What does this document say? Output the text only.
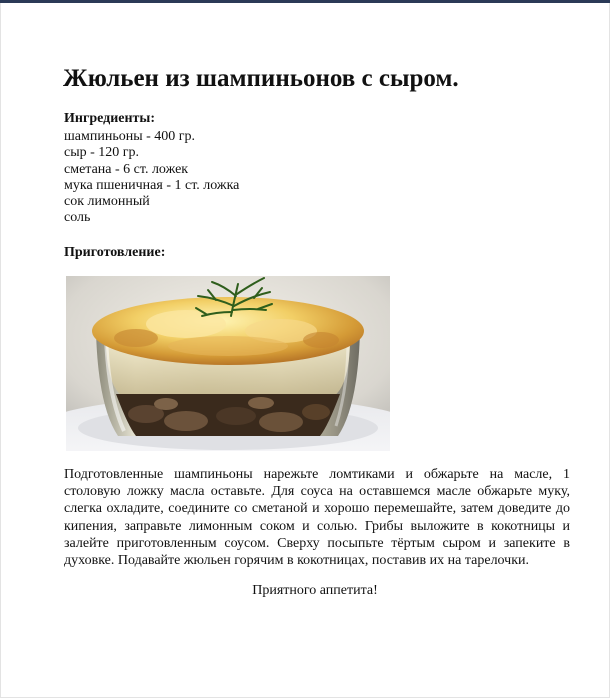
Жюльен из шампиньонов с сыром.
Ингредиенты:
шампиньоны - 400 гр.
сыр - 120 гр.
сметана - 6 ст. ложек
мука пшеничная - 1 ст. ложка
сок лимонный
соль
Приготовление:

Подготовленные шампиньоны нарежьте ломтиками и обжарьте на масле, 1 столовую ложку масла оставьте. Для соуса на оставшемся масле обжарьте муку, слегка охладите, соедините со сметаной и хорошо перемешайте, затем доведите до кипения, заправьте лимонным соком и солью. Грибы выложите в кокотницы и залейте приготовленным соусом. Сверху посыпьте тёртым сыром и запеките в духовке. Подавайте жюльен горячим в кокотницах, поставив их на тарелочки.

Приятного аппетита!
